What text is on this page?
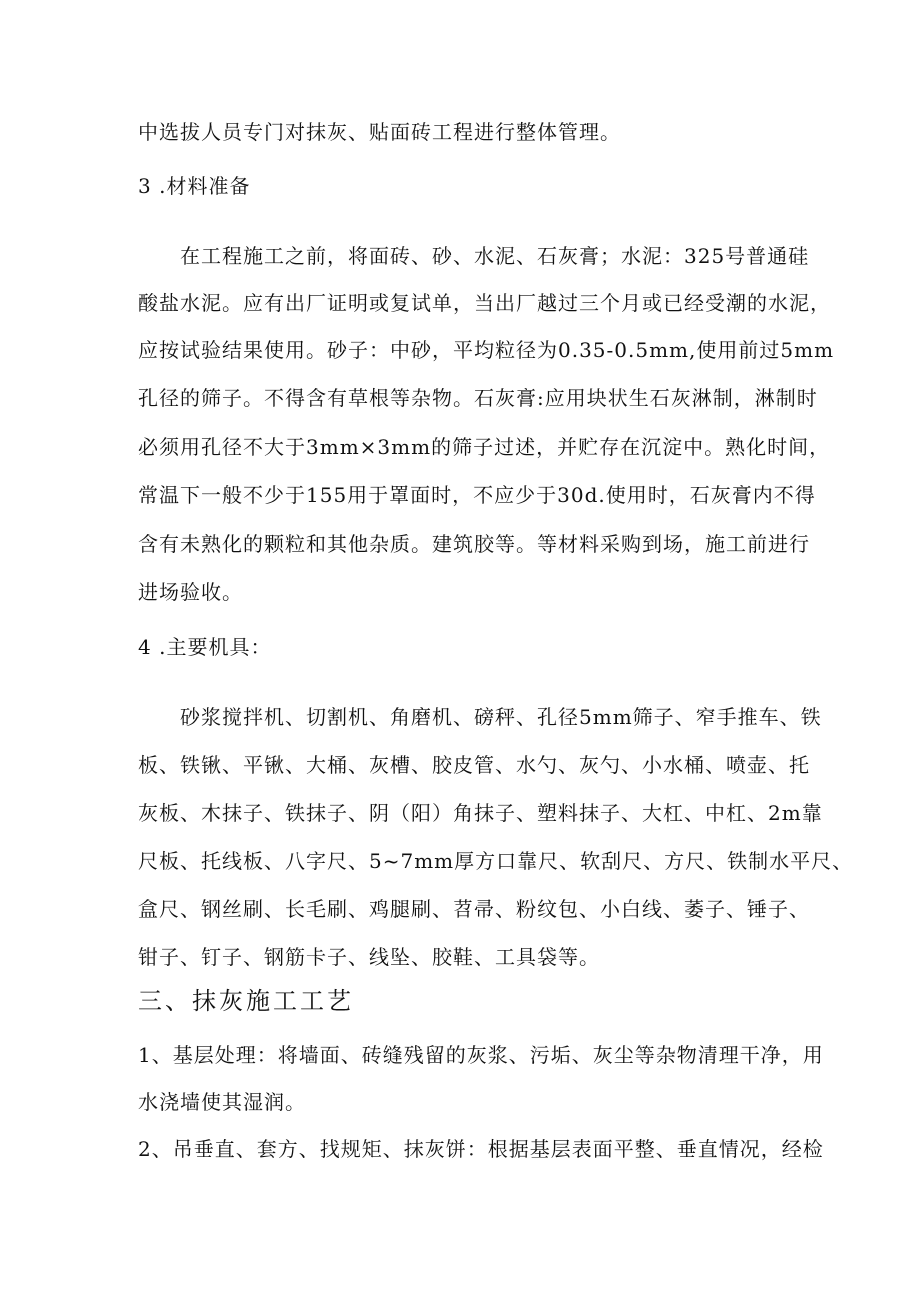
中选拔人员专门对抹灰、贴面砖工程进行整体管理。
3 .材料准备
在工程施工之前，将面砖、砂、水泥、石灰膏；水泥：325号普通硅
酸盐水泥。应有出厂证明或复试单，当出厂越过三个月或已经受潮的水泥，
应按试验结果使用。砂子：中砂，平均粒径为0.35-0.5mm,使用前过5mm
孔径的筛子。不得含有草根等杂物。石灰膏:应用块状生石灰淋制，淋制时
必须用孔径不大于3mm×3mm的筛子过述，并贮存在沉淀中。熟化时间，
常温下一般不少于155用于罩面时，不应少于30d.使用时，石灰膏内不得
含有未熟化的颗粒和其他杂质。建筑胶等。等材料采购到场，施工前进行
进场验收。
4 .主要机具：
砂浆搅拌机、切割机、角磨机、磅秤、孔径5mm筛子、窄手推车、铁
板、铁锹、平锹、大桶、灰槽、胶皮管、水勺、灰勺、小水桶、喷壶、托
灰板、木抹子、铁抹子、阴（阳）角抹子、塑料抹子、大杠、中杠、2m靠
尺板、托线板、八字尺、5~7mm厚方口靠尺、软刮尺、方尺、铁制水平尺、
盒尺、钢丝刷、长毛刷、鸡腿刷、苕帚、粉纹包、小白线、萎子、锤子、
钳子、钉子、钢筋卡子、线坠、胶鞋、工具袋等。
三、抹灰施工工艺
1、基层处理：将墙面、砖缝残留的灰浆、污垢、灰尘等杂物清理干净，用
水浇墙使其湿润。
2、吊垂直、套方、找规矩、抹灰饼：根据基层表面平整、垂直情况，经检
